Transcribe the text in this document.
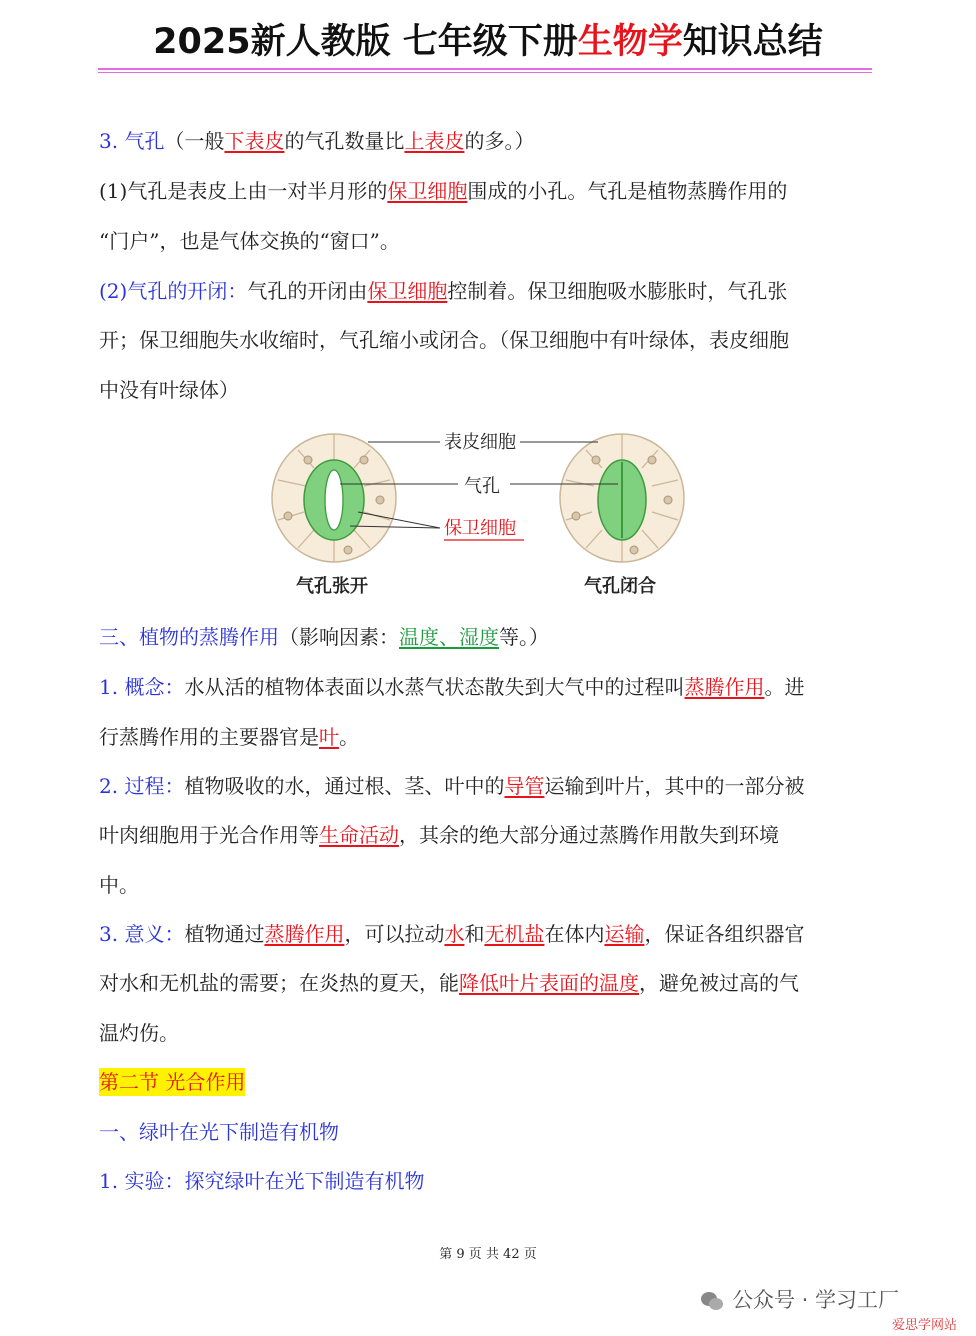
2025新人教版 七年级下册生物学知识总结
3. 气孔（一般下表皮的气孔数量比上表皮的多。）
(1)气孔是表皮上由一对半月形的保卫细胞围成的小孔。气孔是植物蒸腾作用的
“门户”，也是气体交换的“窗口”。
(2)气孔的开闭：气孔的开闭由保卫细胞控制着。保卫细胞吸水膨胀时，气孔张
开；保卫细胞失水收缩时，气孔缩小或闭合。（保卫细胞中有叶绿体，表皮细胞
中没有叶绿体）
表皮细胞
气孔
保卫细胞
气孔张开	气孔闭合
三、植物的蒸腾作用（影响因素：温度、湿度等。）
1. 概念：水从活的植物体表面以水蒸气状态散失到大气中的过程叫蒸腾作用。进
行蒸腾作用的主要器官是叶。
2. 过程：植物吸收的水，通过根、茎、叶中的导管运输到叶片，其中的一部分被
叶肉细胞用于光合作用等生命活动，其余的绝大部分通过蒸腾作用散失到环境
中。
3. 意义：植物通过蒸腾作用，可以拉动水和无机盐在体内运输，保证各组织器官
对水和无机盐的需要；在炎热的夏天，能降低叶片表面的温度，避免被过高的气
温灼伤。
第二节 光合作用
一、绿叶在光下制造有机物
1. 实验：探究绿叶在光下制造有机物
第 9 页 共 42 页
公众号 · 学习工厂
爱思学网站
